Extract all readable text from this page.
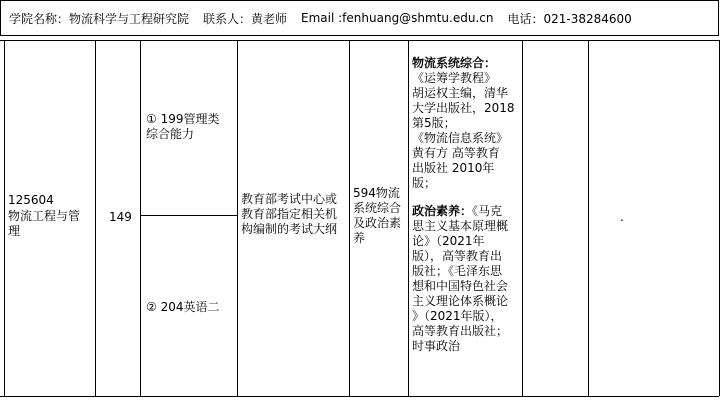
学院名称：物流科学与工程研究院 联系人：黄老师 Email :fenhuang@shmtu.edu.cn 电话：021-38284600
125604
物流工程与管
理
149
① 199管理类
综合能力
② 204英语二
教育部考试中心或
教育部指定相关机
构编制的考试大纲
594物流
系统综合
及政治素
养
物流系统综合：
《运筹学教程》
胡运权主编，清华
大学出版社，2018
第5版；
《物流信息系统》
黄有方 高等教育
出版社 2010年
版；
政治素养：《马克
思主义基本原理概
论》（2021年
版），高等教育出
版社；《毛泽东思
想和中国特色社会
主义理论体系概论
》（2021年版），
高等教育出版社；
时事政治
.
